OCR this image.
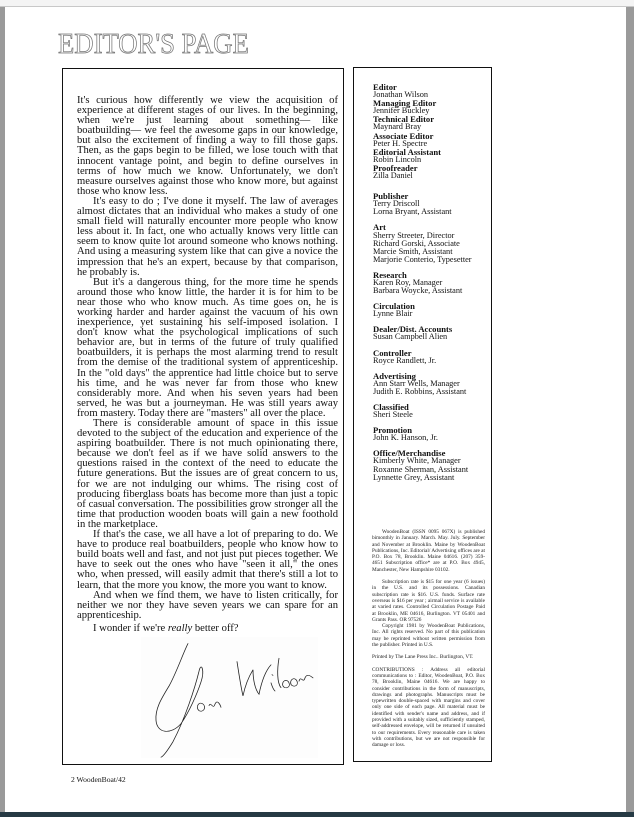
EDITOR'S PAGE

It's curious how differently we view the acquisition of experience at different stages of our lives. In the beginning, when we're just learning about something— like boatbuilding— we feel the awesome gaps in our knowledge, but also the excitement of finding a way to fill those gaps. Then, as the gaps begin to be filled, we lose touch with that innocent vantage point, and begin to define ourselves in terms of how much we know. Unfortunately, we don't measure ourselves against those who know more, but against those who know less.

It's easy to do ; I've done it myself. The law of averages almost dictates that an individual who makes a study of one small field will naturally encounter more people who know less about it. In fact, one who actually knows very little can seem to know quite lot around someone who knows nothing. And using a measuring system like that can give a novice the impression that he's an expert, because by that comparison, he probably is.

But it's a dangerous thing, for the more time he spends around those who know little, the harder it is for him to be near those who who know much. As time goes on, he is working harder and harder against the vacuum of his own inexperience, yet sustaining his self-imposed isolation. I don't know what the psychological implications of such behavior are, but in terms of the future of truly qualified boatbuilders, it is perhaps the most alarming trend to result from the demise of the traditional system of apprenticeship. In the "old days" the apprentice had little choice but to serve his time, and he was never far from those who knew considerably more. And when his seven years had been served, he was but a journeyman. He was still years away from mastery. Today there are "masters" all over the place.

There is considerable amount of space in this issue devoted to the subject of the education and experience of the aspiring boatbuilder. There is not much opinionating there, because we don't feel as if we have solid answers to the questions raised in the context of the need to educate the future generations. But the issues are of great concern to us, for we are not indulging our whims. The rising cost of producing fiberglass boats has become more than just a topic of casual conversation. The possibilities grow stronger all the time that production wooden boats will gain a new foothold in the marketplace.

If that's the case, we all have a lot of preparing to do. We have to produce real boatbuilders, people who know how to build boats well and fast, and not just put pieces together. We have to seek out the ones who have "seen it all," the ones who, when pressed, will easily admit that there's still a lot to learn, that the more you know, the more you want to know.

And when we find them, we have to listen critically, for neither we nor they have seven years we can spare for an apprenticeship.

I wonder if we're really better off?

Editor
Jonathan Wilson
Managing Editor
Jennifer Buckley
Technical Editor
Maynard Bray
Associate Editor
Peter H. Spectre
Editorial Assistant
Robin Lincoln
Proofreader
Zilla Daniel
Publisher
Terry Driscoll
Lorna Bryant, Assistant
Art
Sherry Streeter, Director
Richard Gorski, Associate
Marcie Smith, Assistant
Marjorie Conterio, Typesetter
Research
Karen Roy, Manager
Barbara Woycke, Assistant
Circulation
Lynne Blair
Dealer/Dist. Accounts
Susan Campbell Alien
Controller
Royce Randlett, Jr.
Advertising
Ann Starr Wells, Manager
Judith E. Robbins, Assistant
Classified
Sheri Steele
Promotion
John K. Hanson, Jr.
Office/Merchandise
Kimberly White, Manager
Roxanne Sherman, Assistant
Lynnette Grey, Assistant

WoodenBoat (ISSN 0095 067X) is published bimonthly in January. March. May. July. September and November at Brooklin. Maine by WoodenBoat Publications, Inc. Editorial/ Advertising offices are at P.O. Box 78, Brooklin. Maine 04616. (207) 359-4651 Subscription office* are at P.O. Box 4945, Manchester, New Hampshire 03102.

Subscription rate is $15 for one year (6 issues) in the U.S. and its possessions. Canadian subscription rate is $16. U.S. funds. Surface rate overseas is $16 per year ; airmail service is available at varied rates. Controlled Circulation Postage Paid at Brooklin, ME 04616, Burlington. VT 05401 and Grants Pass. OR 97526

Copyright 1981 by WoodenBoat Publications, Inc. All rights reserved. No part of this publication may be reprinted without written permission from the publisher. Printed in U.S.

Printed by The Lane Press Inc.. Burlington, VT.

CONTRIBUTIONS : Address all editorial communications to : Editor, WoodenBoat, P.O. Box 78, Brooklin, Maine 04616. We are happy to consider contributions in the form of manuscripts, drawings and photographs. Manuscripts must be typewritten double-spaced with margins and cover only one side of each page. All material must be identified with sender's name and address, and if provided with a suitably sized, sufficiently stamped, self-addressed envelope, will be returned if unsuited to our requirements. Every reasonable care is taken with contributions, but we are not responsible for damage or loss.

2 WoodenBoat/42
